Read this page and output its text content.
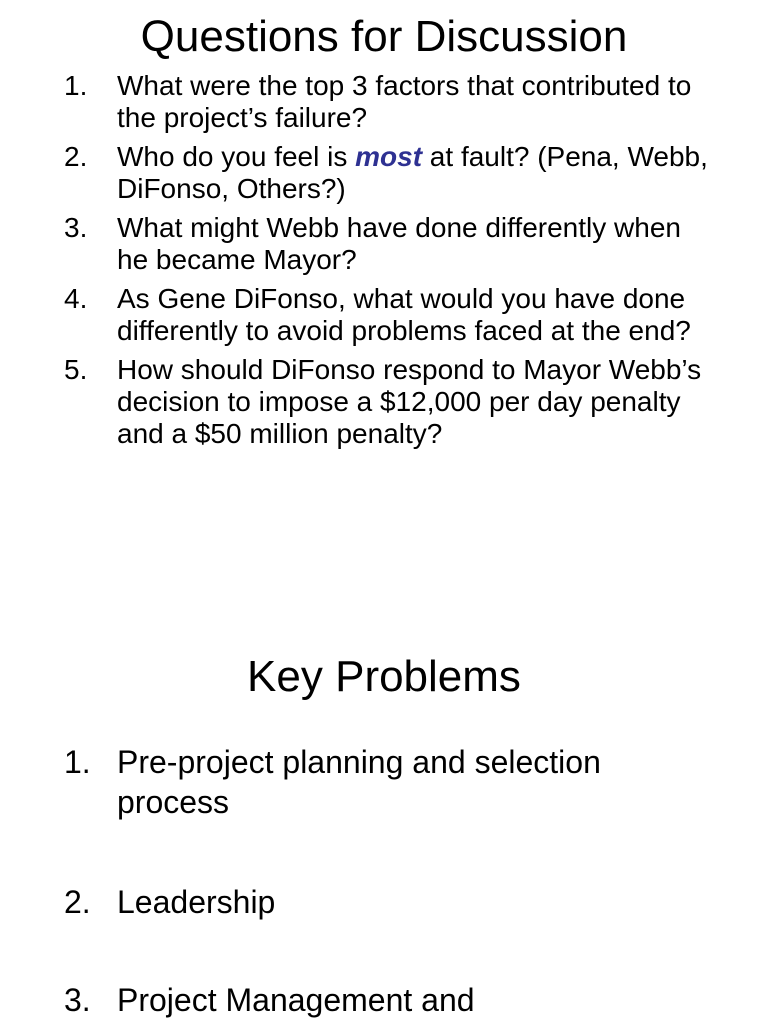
Questions for Discussion
1. What were the top 3 factors that contributed to the project’s failure?
2. Who do you feel is most at fault? (Pena, Webb, DiFonso, Others?)
3. What might Webb have done differently when he became Mayor?
4. As Gene DiFonso, what would you have done differently to avoid problems faced at the end?
5. How should DiFonso respond to Mayor Webb’s decision to impose a $12,000 per day penalty and a $50 million penalty?
Key Problems
1. Pre-project planning and selection process
2. Leadership
3. Project Management and
